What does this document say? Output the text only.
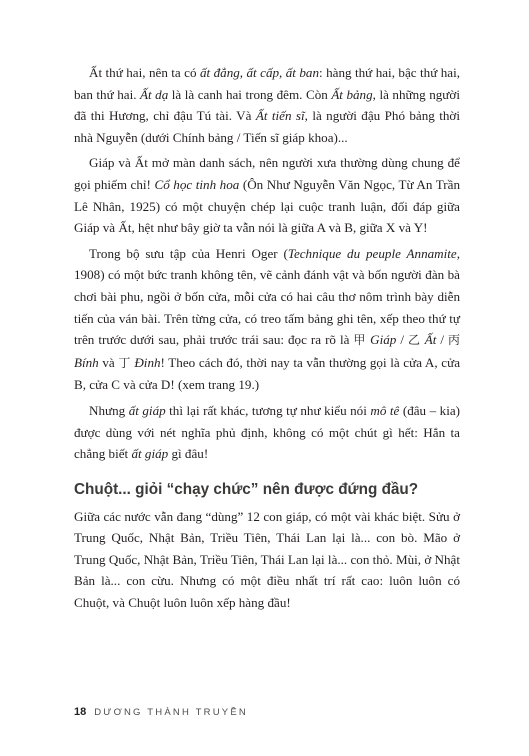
Ất thứ hai, nên ta có ất đẳng, ất cấp, ất ban: hàng thứ hai, bậc thứ hai, ban thứ hai. Ất dạ là là canh hai trong đêm. Còn Ất bảng, là những người đã thi Hương, chỉ đậu Tú tài. Và Ất tiến sĩ, là người đậu Phó bảng thời nhà Nguyễn (dưới Chính bảng / Tiến sĩ giáp khoa)...

Giáp và Ất mở màn danh sách, nên người xưa thường dùng chung để gọi phiếm chỉ! Cổ học tinh hoa (Ôn Như Nguyễn Văn Ngọc, Từ An Trần Lê Nhân, 1925) có một chuyện chép lại cuộc tranh luận, đối đáp giữa Giáp và Ất, hệt như bây giờ ta vẫn nói là giữa A và B, giữa X và Y!

Trong bộ sưu tập của Henri Oger (Technique du peuple Annamite, 1908) có một bức tranh không tên, vẽ cảnh đánh vật và bốn người đàn bà chơi bài phu, ngồi ở bốn cửa, mỗi cửa có hai câu thơ nôm trình bày diễn tiến của ván bài. Trên từng cửa, có treo tấm bảng ghi tên, xếp theo thứ tự trên trước dưới sau, phải trước trái sau: đọc ra rõ là 甲 Giáp / 乙 Ất / 丙 Bính và 丁 Đinh! Theo cách đó, thời nay ta vẫn thường gọi là cửa A, cửa B, cửa C và cửa D! (xem trang 19.)

Nhưng ất giáp thì lại rất khác, tương tự như kiểu nói mô tê (đâu – kia) được dùng với nét nghĩa phủ định, không có một chút gì hết: Hắn ta chẳng biết ất giáp gì đâu!

Chuột... giỏi “chạy chức” nên được đứng đầu?

Giữa các nước vẫn đang “dùng” 12 con giáp, có một vài khác biệt. Sửu ở Trung Quốc, Nhật Bản, Triều Tiên, Thái Lan lại là... con bò. Mão ở Trung Quốc, Nhật Bản, Triều Tiên, Thái Lan lại là... con thỏ. Mùi, ở Nhật Bản là... con cừu. Nhưng có một điều nhất trí rất cao: luôn luôn có Chuột, và Chuột luôn luôn xếp hàng đầu!

18 DƯƠNG THÀNH TRUYỀN
